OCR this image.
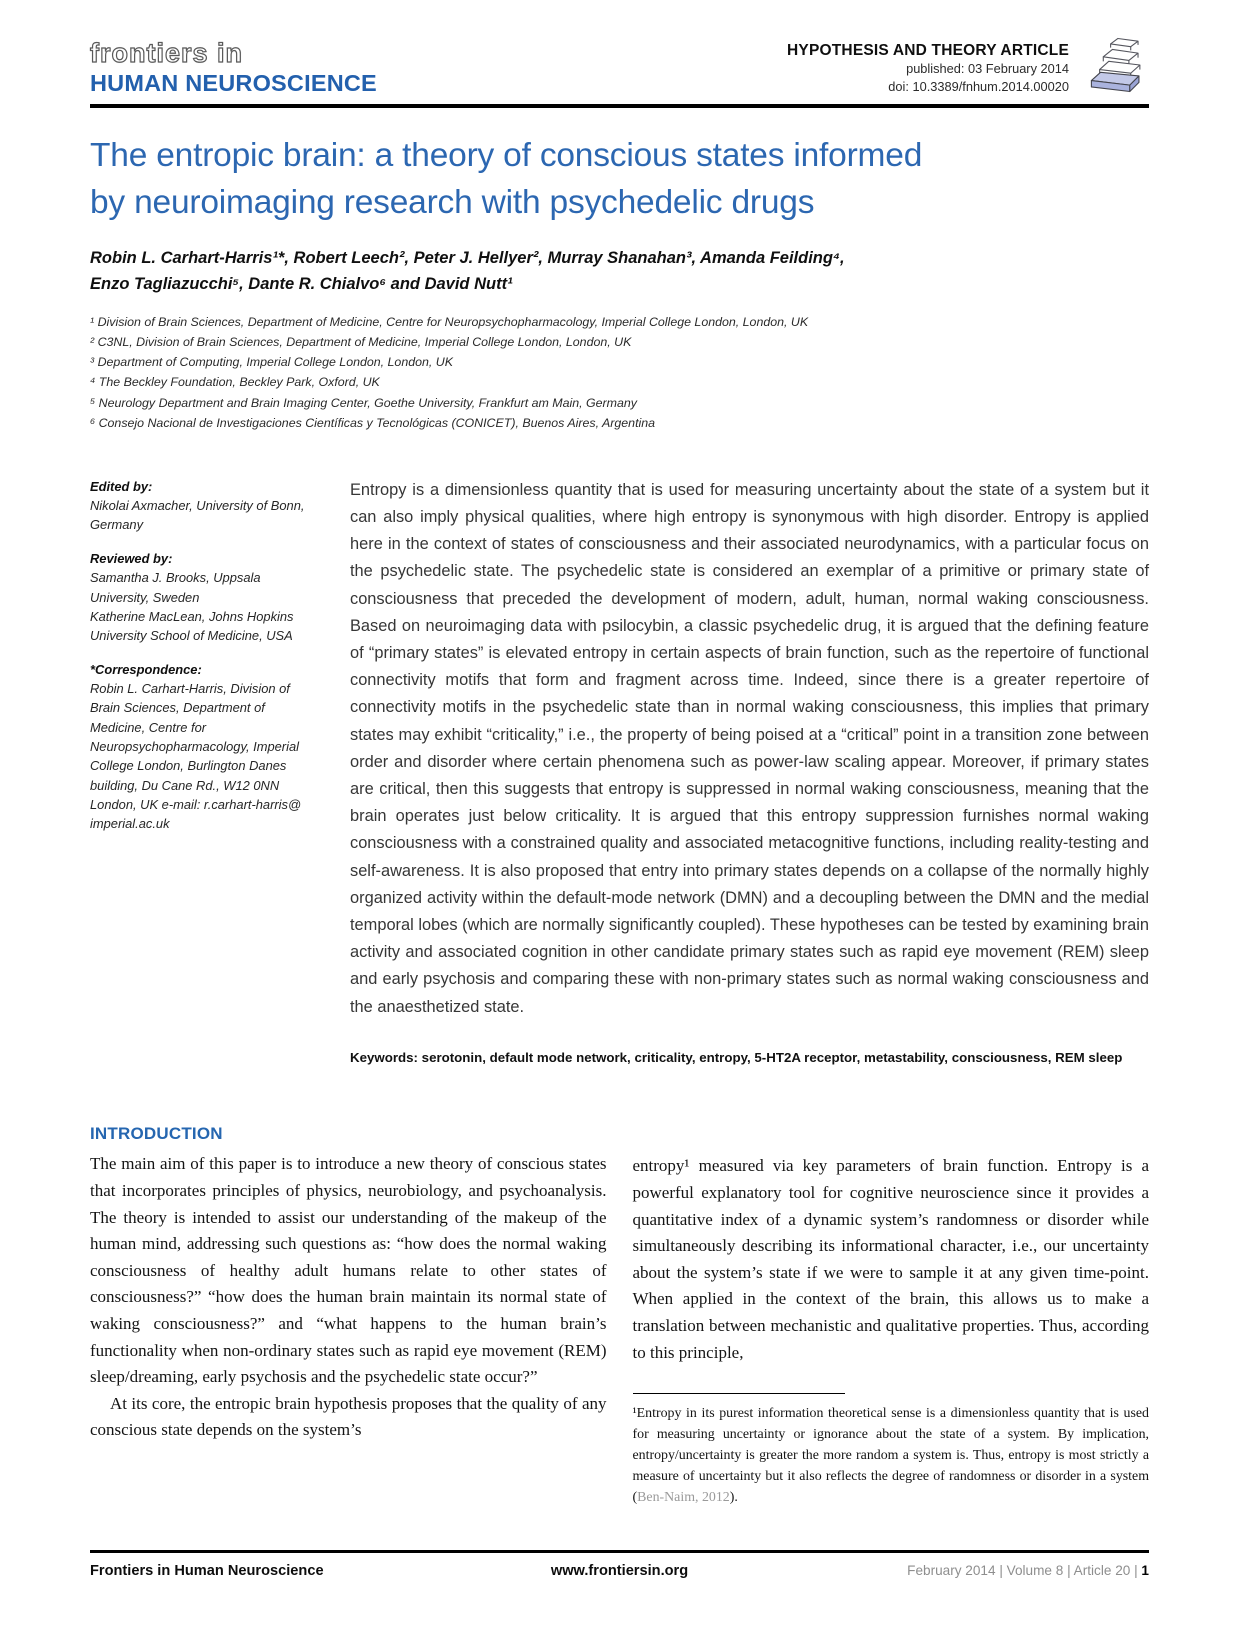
frontiers in
HUMAN NEUROSCIENCE
HYPOTHESIS AND THEORY ARTICLE
published: 03 February 2014
doi: 10.3389/fnhum.2014.00020
The entropic brain: a theory of conscious states informed
by neuroimaging research with psychedelic drugs
Robin L. Carhart-Harris¹*, Robert Leech², Peter J. Hellyer², Murray Shanahan³, Amanda Feilding⁴,
Enzo Tagliazucchi⁵, Dante R. Chialvo⁶ and David Nutt¹

¹ Division of Brain Sciences, Department of Medicine, Centre for Neuropsychopharmacology, Imperial College London, London, UK

² C3NL, Division of Brain Sciences, Department of Medicine, Imperial College London, London, UK

³ Department of Computing, Imperial College London, London, UK

⁴ The Beckley Foundation, Beckley Park, Oxford, UK

⁵ Neurology Department and Brain Imaging Center, Goethe University, Frankfurt am Main, Germany

⁶ Consejo Nacional de Investigaciones Científicas y Tecnológicas (CONICET), Buenos Aires, Argentina

Edited by:
Nikolai Axmacher, University of Bonn, Germany
Reviewed by:
Samantha J. Brooks, Uppsala University, Sweden
Katherine MacLean, Johns Hopkins University School of Medicine, USA
*Correspondence:
Robin L. Carhart-Harris, Division of Brain Sciences, Department of Medicine, Centre for Neuropsychopharmacology, Imperial College London, Burlington Danes building, Du Cane Rd., W12 0NN London, UK e-mail: r.carhart-harris@ imperial.ac.uk

Entropy is a dimensionless quantity that is used for measuring uncertainty about the state of a system but it can also imply physical qualities, where high entropy is synonymous with high disorder. Entropy is applied here in the context of states of consciousness and their associated neurodynamics, with a particular focus on the psychedelic state. The psychedelic state is considered an exemplar of a primitive or primary state of consciousness that preceded the development of modern, adult, human, normal waking consciousness. Based on neuroimaging data with psilocybin, a classic psychedelic drug, it is argued that the defining feature of “primary states” is elevated entropy in certain aspects of brain function, such as the repertoire of functional connectivity motifs that form and fragment across time. Indeed, since there is a greater repertoire of connectivity motifs in the psychedelic state than in normal waking consciousness, this implies that primary states may exhibit “criticality,” i.e., the property of being poised at a “critical” point in a transition zone between order and disorder where certain phenomena such as power-law scaling appear. Moreover, if primary states are critical, then this suggests that entropy is suppressed in normal waking consciousness, meaning that the brain operates just below criticality. It is argued that this entropy suppression furnishes normal waking consciousness with a constrained quality and associated metacognitive functions, including reality-testing and self-awareness. It is also proposed that entry into primary states depends on a collapse of the normally highly organized activity within the default-mode network (DMN) and a decoupling between the DMN and the medial temporal lobes (which are normally significantly coupled). These hypotheses can be tested by examining brain activity and associated cognition in other candidate primary states such as rapid eye movement (REM) sleep and early psychosis and comparing these with non-primary states such as normal waking consciousness and the anaesthetized state.

Keywords: serotonin, default mode network, criticality, entropy, 5-HT2A receptor, metastability, consciousness, REM sleep

INTRODUCTION

The main aim of this paper is to introduce a new theory of conscious states that incorporates principles of physics, neurobiology, and psychoanalysis. The theory is intended to assist our understanding of the makeup of the human mind, addressing such questions as: “how does the normal waking consciousness of healthy adult humans relate to other states of consciousness?” “how does the human brain maintain its normal state of waking consciousness?” and “what happens to the human brain’s functionality when non-ordinary states such as rapid eye movement (REM) sleep/dreaming, early psychosis and the psychedelic state occur?”

At its core, the entropic brain hypothesis proposes that the quality of any conscious state depends on the system’s

entropy¹ measured via key parameters of brain function. Entropy is a powerful explanatory tool for cognitive neuroscience since it provides a quantitative index of a dynamic system’s randomness or disorder while simultaneously describing its informational character, i.e., our uncertainty about the system’s state if we were to sample it at any given time-point. When applied in the context of the brain, this allows us to make a translation between mechanistic and qualitative properties. Thus, according to this principle,

¹Entropy in its purest information theoretical sense is a dimensionless quantity that is used for measuring uncertainty or ignorance about the state of a system. By implication, entropy/uncertainty is greater the more random a system is. Thus, entropy is most strictly a measure of uncertainty but it also reflects the degree of randomness or disorder in a system (Ben-Naim, 2012).

Frontiers in Human Neuroscience	www.frontiersin.org	February 2014 | Volume 8 | Article 20 | 1
